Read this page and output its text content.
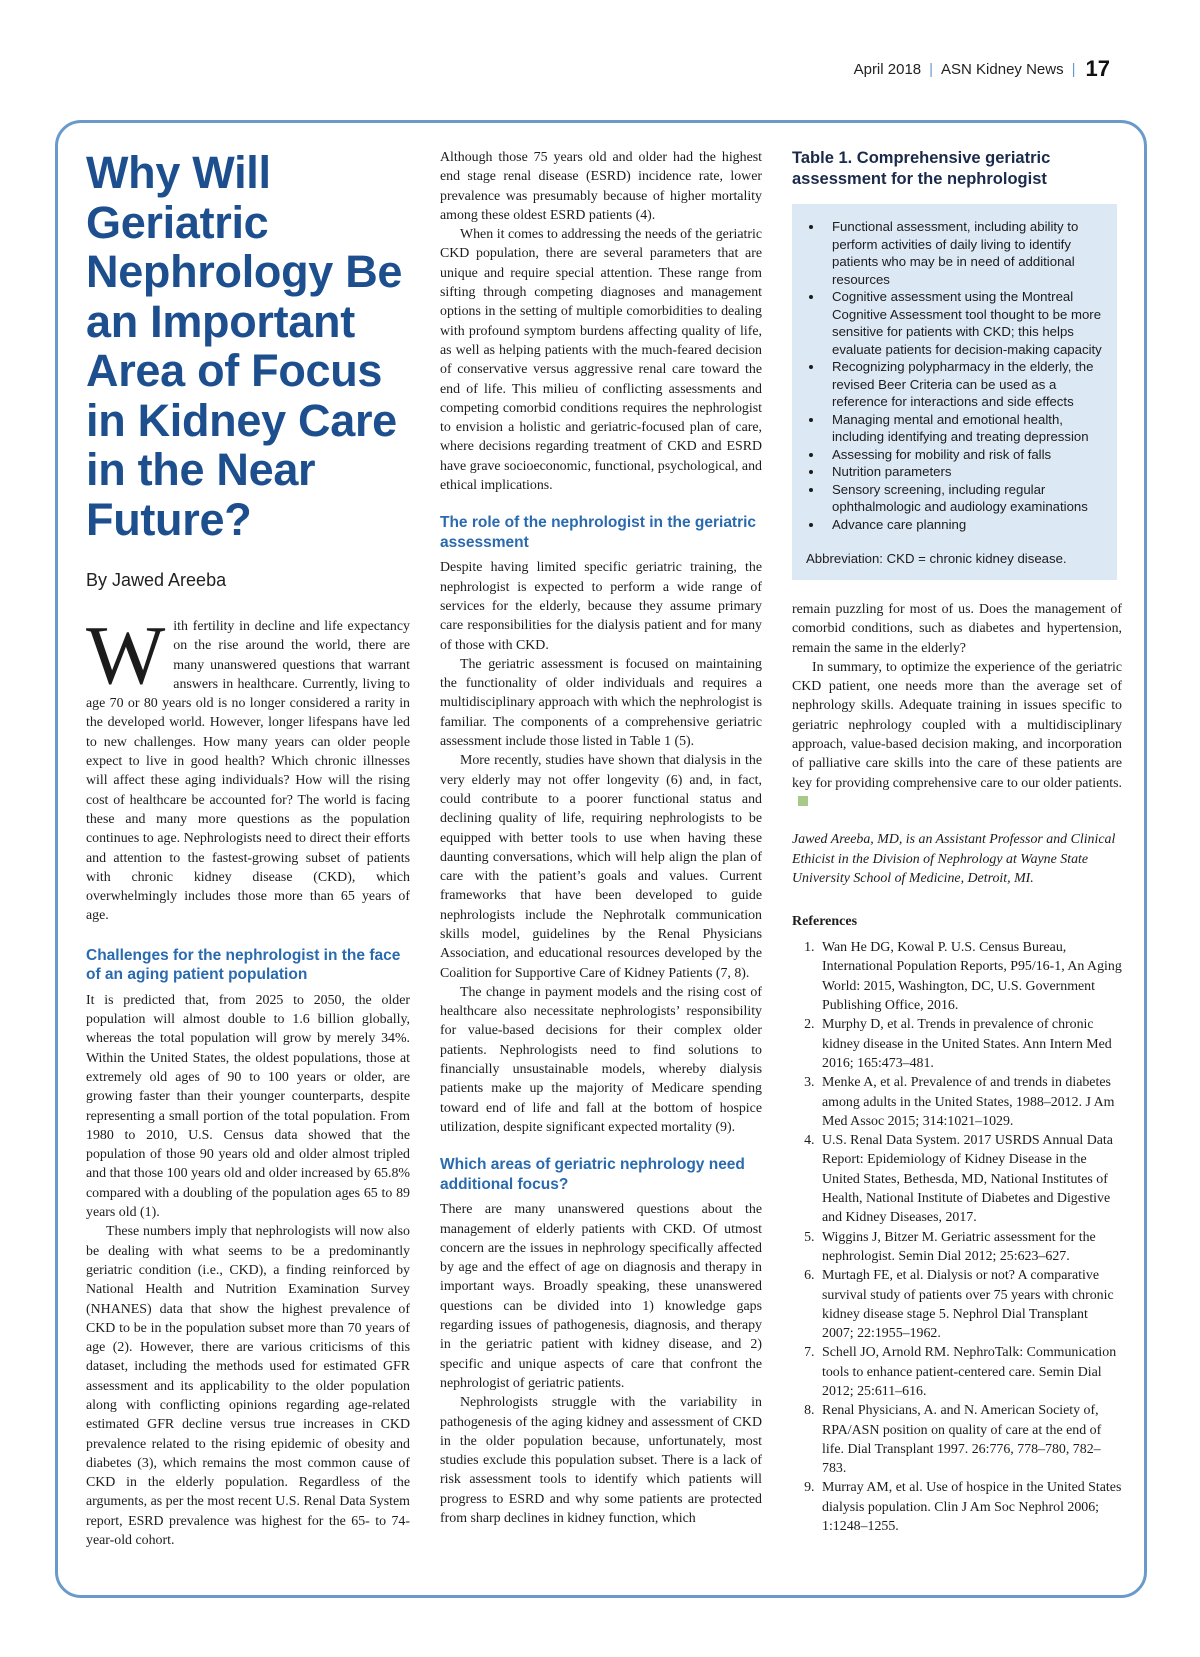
April 2018 | ASN Kidney News | 17
Why Will Geriatric Nephrology Be an Important Area of Focus in Kidney Care in the Near Future?
By Jawed Areeba
W ith fertility in decline and life expectancy on the rise around the world, there are many unanswered questions that warrant answers in healthcare. Currently, living to age 70 or 80 years old is no longer considered a rarity in the developed world. However, longer lifespans have led to new challenges. How many years can older people expect to live in good health? Which chronic illnesses will affect these aging individuals? How will the rising cost of healthcare be accounted for? The world is facing these and many more questions as the population continues to age. Nephrologists need to direct their efforts and attention to the fastest-growing subset of patients with chronic kidney disease (CKD), which overwhelmingly includes those more than 65 years of age.

Challenges for the nephrologist in the face of an aging patient population

It is predicted that, from 2025 to 2050, the older population will almost double to 1.6 billion globally, whereas the total population will grow by merely 34%. Within the United States, the oldest populations, those at extremely old ages of 90 to 100 years or older, are growing faster than their younger counterparts, despite representing a small portion of the total population. From 1980 to 2010, U.S. Census data showed that the population of those 90 years old and older almost tripled and that those 100 years old and older increased by 65.8% compared with a doubling of the population ages 65 to 89 years old (1).

These numbers imply that nephrologists will now also be dealing with what seems to be a predominantly geriatric condition (i.e., CKD), a finding reinforced by National Health and Nutrition Examination Survey (NHANES) data that show the highest prevalence of CKD to be in the population subset more than 70 years of age (2). However, there are various criticisms of this dataset, including the methods used for estimated GFR assessment and its applicability to the older population along with conflicting opinions regarding age-related estimated GFR decline versus true increases in CKD prevalence related to the rising epidemic of obesity and diabetes (3), which remains the most common cause of CKD in the elderly population. Regardless of the arguments, as per the most recent U.S. Renal Data System report, ESRD prevalence was highest for the 65- to 74-year-old cohort.

Although those 75 years old and older had the highest end stage renal disease (ESRD) incidence rate, lower prevalence was presumably because of higher mortality among these oldest ESRD patients (4).

When it comes to addressing the needs of the geriatric CKD population, there are several parameters that are unique and require special attention. These range from sifting through competing diagnoses and management options in the setting of multiple comorbidities to dealing with profound symptom burdens affecting quality of life, as well as helping patients with the much-feared decision of conservative versus aggressive renal care toward the end of life. This milieu of conflicting assessments and competing comorbid conditions requires the nephrologist to envision a holistic and geriatric-focused plan of care, where decisions regarding treatment of CKD and ESRD have grave socioeconomic, functional, psychological, and ethical implications.

The role of the nephrologist in the geriatric assessment

Despite having limited specific geriatric training, the nephrologist is expected to perform a wide range of services for the elderly, because they assume primary care responsibilities for the dialysis patient and for many of those with CKD.

The geriatric assessment is focused on maintaining the functionality of older individuals and requires a multidisciplinary approach with which the nephrologist is familiar. The components of a comprehensive geriatric assessment include those listed in Table 1 (5).

More recently, studies have shown that dialysis in the very elderly may not offer longevity (6) and, in fact, could contribute to a poorer functional status and declining quality of life, requiring nephrologists to be equipped with better tools to use when having these daunting conversations, which will help align the plan of care with the patient’s goals and values. Current frameworks that have been developed to guide nephrologists include the Nephrotalk communication skills model, guidelines by the Renal Physicians Association, and educational resources developed by the Coalition for Supportive Care of Kidney Patients (7, 8).

The change in payment models and the rising cost of healthcare also necessitate nephrologists’ responsibility for value-based decisions for their complex older patients. Nephrologists need to find solutions to financially unsustainable models, whereby dialysis patients make up the majority of Medicare spending toward end of life and fall at the bottom of hospice utilization, despite significant expected mortality (9).

Which areas of geriatric nephrology need additional focus?

There are many unanswered questions about the management of elderly patients with CKD. Of utmost concern are the issues in nephrology specifically affected by age and the effect of age on diagnosis and therapy in important ways. Broadly speaking, these unanswered questions can be divided into 1) knowledge gaps regarding issues of pathogenesis, diagnosis, and therapy in the geriatric patient with kidney disease, and 2) specific and unique aspects of care that confront the nephrologist of geriatric patients.

Nephrologists struggle with the variability in pathogenesis of the aging kidney and assessment of CKD in the older population because, unfortunately, most studies exclude this population subset. There is a lack of risk assessment tools to identify which patients will progress to ESRD and why some patients are protected from sharp declines in kidney function, which

Table 1. Comprehensive geriatric assessment for the nephrologist
• Functional assessment, including ability to perform activities of daily living to identify patients who may be in need of additional resources
• Cognitive assessment using the Montreal Cognitive Assessment tool thought to be more sensitive for patients with CKD; this helps evaluate patients for decision-making capacity
• Recognizing polypharmacy in the elderly, the revised Beer Criteria can be used as a reference for interactions and side effects
• Managing mental and emotional health, including identifying and treating depression
• Assessing for mobility and risk of falls
• Nutrition parameters
• Sensory screening, including regular ophthalmologic and audiology examinations
• Advance care planning
Abbreviation: CKD = chronic kidney disease.

remain puzzling for most of us. Does the management of comorbid conditions, such as diabetes and hypertension, remain the same in the elderly?

In summary, to optimize the experience of the geriatric CKD patient, one needs more than the average set of nephrology skills. Adequate training in issues specific to geriatric nephrology coupled with a multidisciplinary approach, value-based decision making, and incorporation of palliative care skills into the care of these patients are key for providing comprehensive care to our older patients.

Jawed Areeba, MD, is an Assistant Professor and Clinical Ethicist in the Division of Nephrology at Wayne State University School of Medicine, Detroit, MI.

References
1. Wan He DG, Kowal P. U.S. Census Bureau, International Population Reports, P95/16-1, An Aging World: 2015, Washington, DC, U.S. Government Publishing Office, 2016.
2. Murphy D, et al. Trends in prevalence of chronic kidney disease in the United States. Ann Intern Med 2016; 165:473–481.
3. Menke A, et al. Prevalence of and trends in diabetes among adults in the United States, 1988–2012. J Am Med Assoc 2015; 314:1021–1029.
4. U.S. Renal Data System. 2017 USRDS Annual Data Report: Epidemiology of Kidney Disease in the United States, Bethesda, MD, National Institutes of Health, National Institute of Diabetes and Digestive and Kidney Diseases, 2017.
5. Wiggins J, Bitzer M. Geriatric assessment for the nephrologist. Semin Dial 2012; 25:623–627.
6. Murtagh FE, et al. Dialysis or not? A comparative survival study of patients over 75 years with chronic kidney disease stage 5. Nephrol Dial Transplant 2007; 22:1955–1962.
7. Schell JO, Arnold RM. NephroTalk: Communication tools to enhance patient-centered care. Semin Dial 2012; 25:611–616.
8. Renal Physicians, A. and N. American Society of, RPA/ASN position on quality of care at the end of life. Dial Transplant 1997. 26:776, 778–780, 782–783.
9. Murray AM, et al. Use of hospice in the United States dialysis population. Clin J Am Soc Nephrol 2006; 1:1248–1255.
